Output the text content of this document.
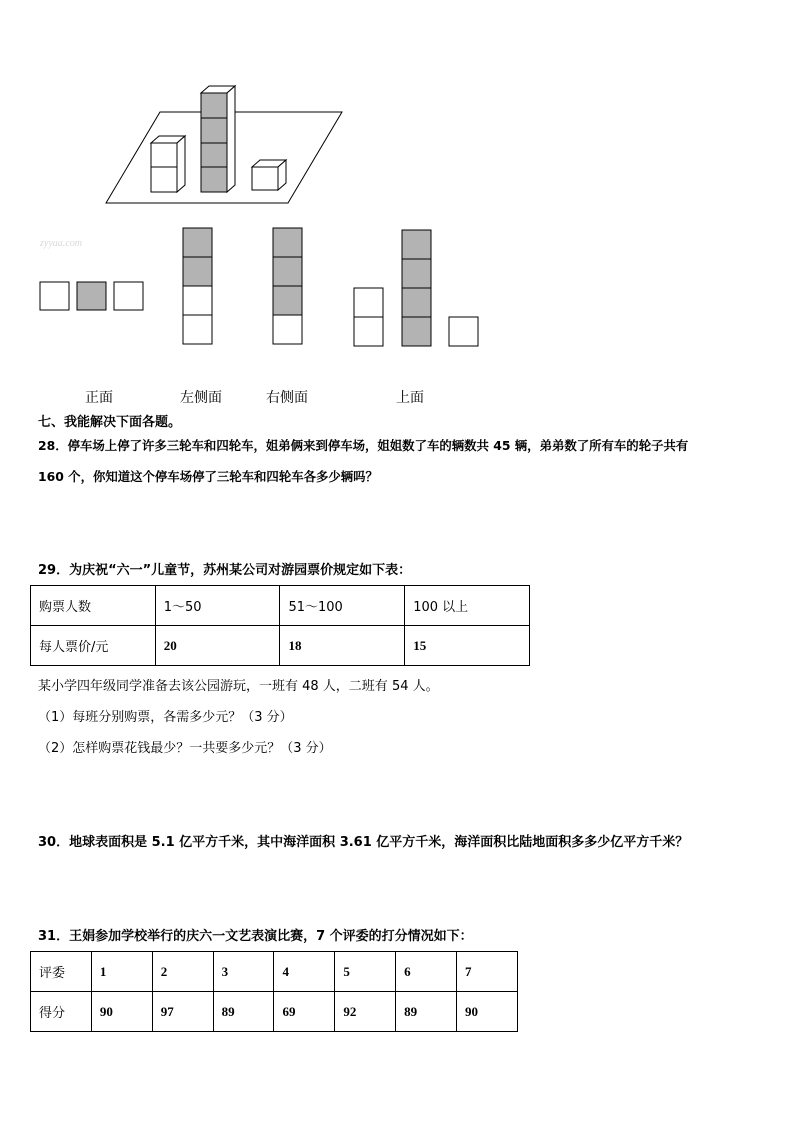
zyyaa.com
正面	左侧面	右侧面	上面
七、我能解决下面各题。
28．停车场上停了许多三轮车和四轮车，姐弟俩来到停车场，姐姐数了车的辆数共 45 辆，弟弟数了所有车的轮子共有
160 个，你知道这个停车场停了三轮车和四轮车各多少辆吗？
29．为庆祝“六一”儿童节，苏州某公司对游园票价规定如下表：
购票人数	1～50	51～100	100 以上
每人票价/元	20	18	15
某小学四年级同学准备去该公园游玩，一班有 48 人，二班有 54 人。
（1）每班分别购票，各需多少元？（3 分）
（2）怎样购票花钱最少？一共要多少元？（3 分）
30．地球表面积是 5.1 亿平方千米，其中海洋面积 3.61 亿平方千米，海洋面积比陆地面积多多少亿平方千米？
31．王娟参加学校举行的庆六一文艺表演比赛，7 个评委的打分情况如下：
评委	1	2	3	4	5	6	7
得分	90	97	89	69	92	89	90
